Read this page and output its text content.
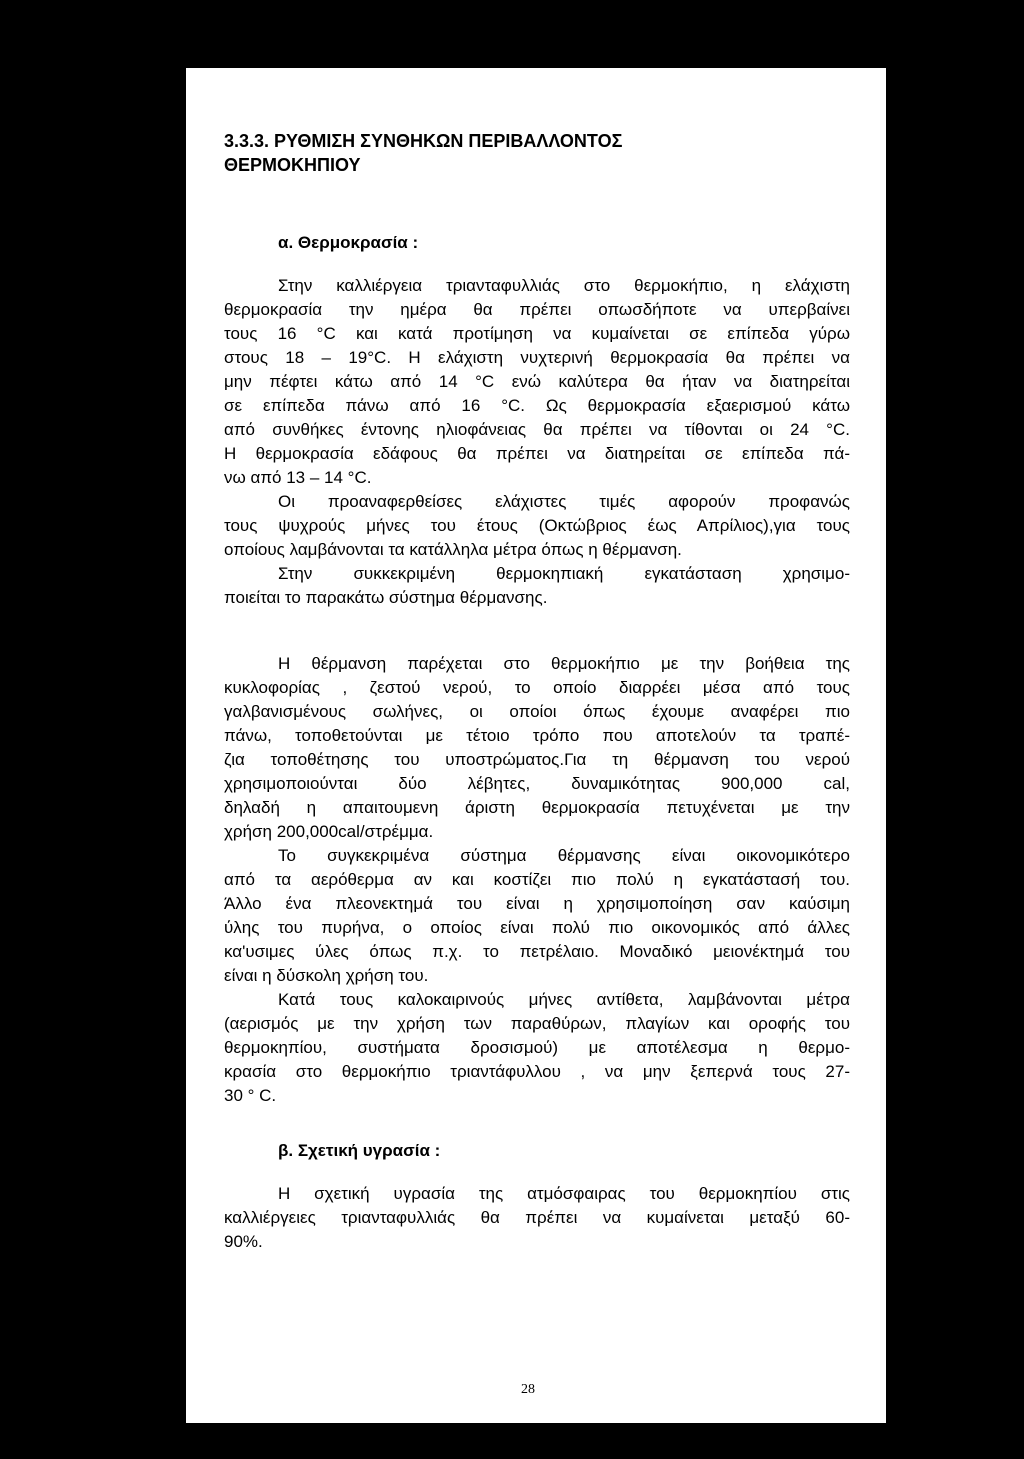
3.3.3. ΡΥΘΜΙΣΗ ΣΥΝΘΗΚΩΝ ΠΕΡΙΒΑΛΛΟΝΤΟΣ
ΘΕΡΜΟΚΗΠΙΟΥ
α. Θερμοκρασία :
Στην καλλιέργεια τριανταφυλλιάς στο θερμοκήπιο, η ελάχιστη
θερμοκρασία την ημέρα θα πρέπει οπωσδήποτε να υπερβαίνει
τους 16 °C και κατά προτίμηση να κυμαίνεται σε επίπεδα γύρω
στους 18 – 19°C. Η ελάχιστη νυχτερινή θερμοκρασία θα πρέπει να
μην πέφτει κάτω από 14 °C ενώ καλύτερα θα ήταν να διατηρείται
σε επίπεδα πάνω από 16 °C. Ως θερμοκρασία εξαερισμού κάτω
από συνθήκες έντονης ηλιοφάνειας θα πρέπει να τίθονται οι 24 °C.
Η θερμοκρασία εδάφους θα πρέπει να διατηρείται σε επίπεδα πά-
νω από 13 – 14 °C.
Οι προαναφερθείσες ελάχιστες τιμές αφορούν προφανώς
τους ψυχρούς μήνες του έτους (Οκτώβριος έως Απρίλιος),για τους
οποίους λαμβάνονται τα κατάλληλα μέτρα όπως η θέρμανση.
Στην συκκεκριμένη θερμοκηπιακή εγκατάσταση χρησιμο-
ποιείται το παρακάτω σύστημα θέρμανσης.
Η θέρμανση παρέχεται στο θερμοκήπιο με την βοήθεια της
κυκλοφορίας , ζεστού νερού, το οποίο διαρρέει μέσα από τους
γαλβανισμένους σωλήνες, οι οποίοι όπως έχουμε αναφέρει πιο
πάνω, τοποθετούνται με τέτοιο τρόπο που αποτελούν τα τραπέ-
ζια τοποθέτησης του υποστρώματος.Για τη θέρμανση του νερού
χρησιμοποιούνται δύο λέβητες, δυναμικότητας 900,000 cal,
δηλαδή η απαιτουμενη άριστη θερμοκρασία πετυχένεται με την
χρήση 200,000cal/στρέμμα.
Το συγκεκριμένα σύστημα θέρμανσης είναι οικονομικότερο
από τα αερόθερμα αν και κοστίζει πιο πολύ η εγκατάστασή του.
Άλλο ένα πλεονεκτημά του είναι η χρησιμοποίηση σαν καύσιμη
ύλης του πυρήνα, ο οποίος είναι πολύ πιο οικονομικός από άλλες
κα'υσιμες ύλες όπως π.χ. το πετρέλαιο. Μοναδικό μειονέκτημά του
είναι η δύσκολη χρήση του.
Κατά τους καλοκαιρινούς μήνες αντίθετα, λαμβάνονται μέτρα
(αερισμός με την χρήση των παραθύρων, πλαγίων και οροφής του
θερμοκηπίου, συστήματα δροσισμού) με αποτέλεσμα η θερμο-
κρασία στο θερμοκήπιο τριαντάφυλλου , να μην ξεπερνά τους 27-
30 ° C.
β. Σχετική υγρασία :
Η σχετική υγρασία της ατμόσφαιρας του θερμοκηπίου στις
καλλιέργειες τριανταφυλλιάς θα πρέπει να κυμαίνεται μεταξύ 60-
90%.
28
